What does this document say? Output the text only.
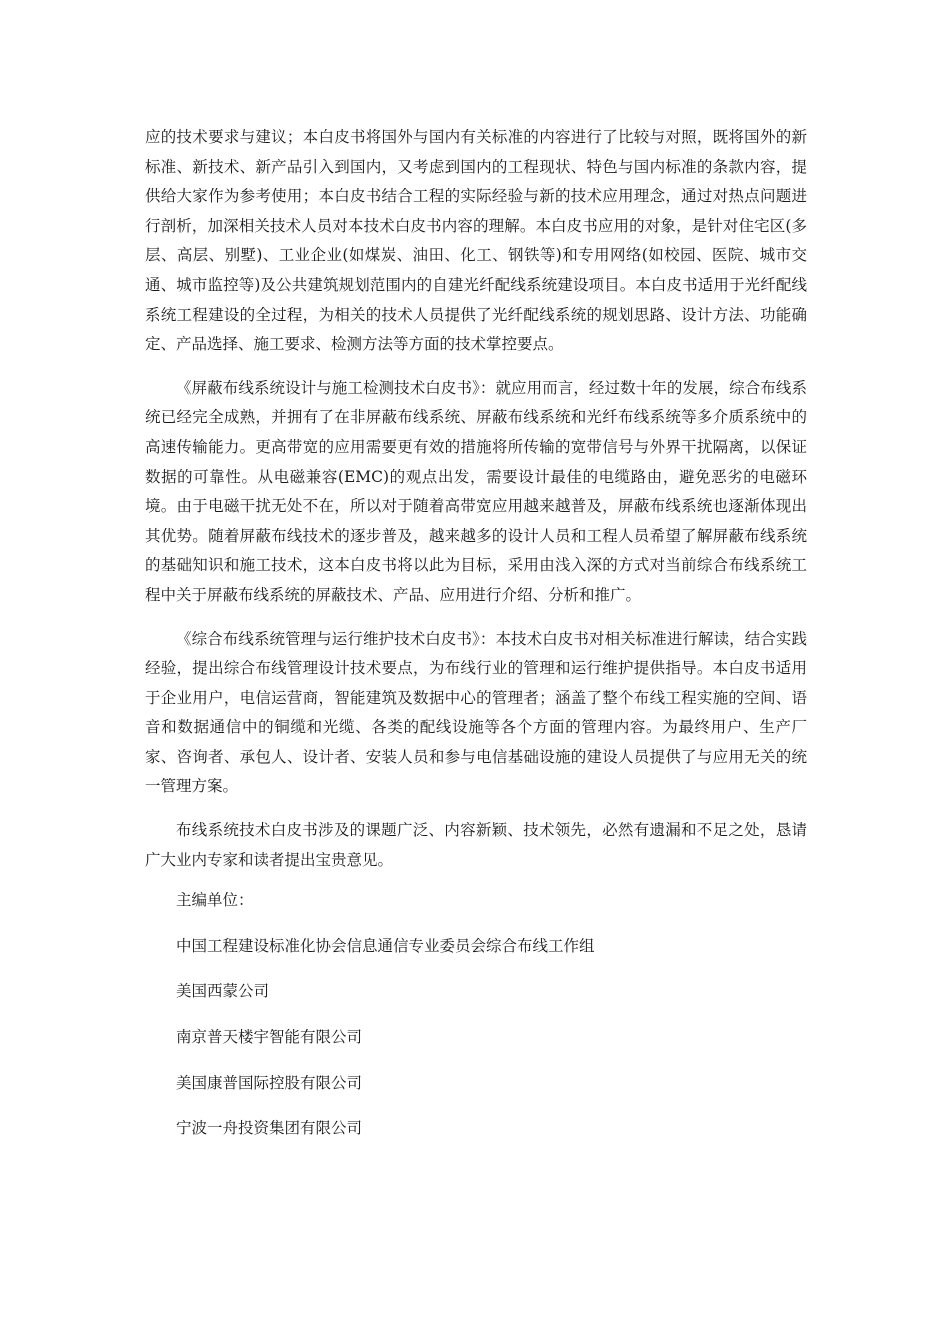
应的技术要求与建议；本白皮书将国外与国内有关标准的内容进行了比较与对照，既将国外的新标准、新技术、新产品引入到国内，又考虑到国内的工程现状、特色与国内标准的条款内容，提供给大家作为参考使用；本白皮书结合工程的实际经验与新的技术应用理念，通过对热点问题进行剖析，加深相关技术人员对本技术白皮书内容的理解。本白皮书应用的对象，是针对住宅区(多层、高层、别墅)、工业企业(如煤炭、油田、化工、钢铁等)和专用网络(如校园、医院、城市交通、城市监控等)及公共建筑规划范围内的自建光纤配线系统建设项目。本白皮书适用于光纤配线系统工程建设的全过程，为相关的技术人员提供了光纤配线系统的规划思路、设计方法、功能确定、产品选择、施工要求、检测方法等方面的技术掌控要点。

《屏蔽布线系统设计与施工检测技术白皮书》：就应用而言，经过数十年的发展，综合布线系统已经完全成熟，并拥有了在非屏蔽布线系统、屏蔽布线系统和光纤布线系统等多介质系统中的高速传输能力。更高带宽的应用需要更有效的措施将所传输的宽带信号与外界干扰隔离，以保证数据的可靠性。从电磁兼容(EMC)的观点出发，需要设计最佳的电缆路由，避免恶劣的电磁环境。由于电磁干扰无处不在，所以对于随着高带宽应用越来越普及，屏蔽布线系统也逐渐体现出其优势。随着屏蔽布线技术的逐步普及，越来越多的设计人员和工程人员希望了解屏蔽布线系统的基础知识和施工技术，这本白皮书将以此为目标，采用由浅入深的方式对当前综合布线系统工程中关于屏蔽布线系统的屏蔽技术、产品、应用进行介绍、分析和推广。

《综合布线系统管理与运行维护技术白皮书》：本技术白皮书对相关标准进行解读，结合实践经验，提出综合布线管理设计技术要点，为布线行业的管理和运行维护提供指导。本白皮书适用于企业用户，电信运营商，智能建筑及数据中心的管理者；涵盖了整个布线工程实施的空间、语音和数据通信中的铜缆和光缆、各类的配线设施等各个方面的管理内容。为最终用户、生产厂家、咨询者、承包人、设计者、安装人员和参与电信基础设施的建设人员提供了与应用无关的统一管理方案。

布线系统技术白皮书涉及的课题广泛、内容新颖、技术领先，必然有遗漏和不足之处，恳请广大业内专家和读者提出宝贵意见。

主编单位：

中国工程建设标准化协会信息通信专业委员会综合布线工作组

美国西蒙公司

南京普天楼宇智能有限公司

美国康普国际控股有限公司

宁波一舟投资集团有限公司
